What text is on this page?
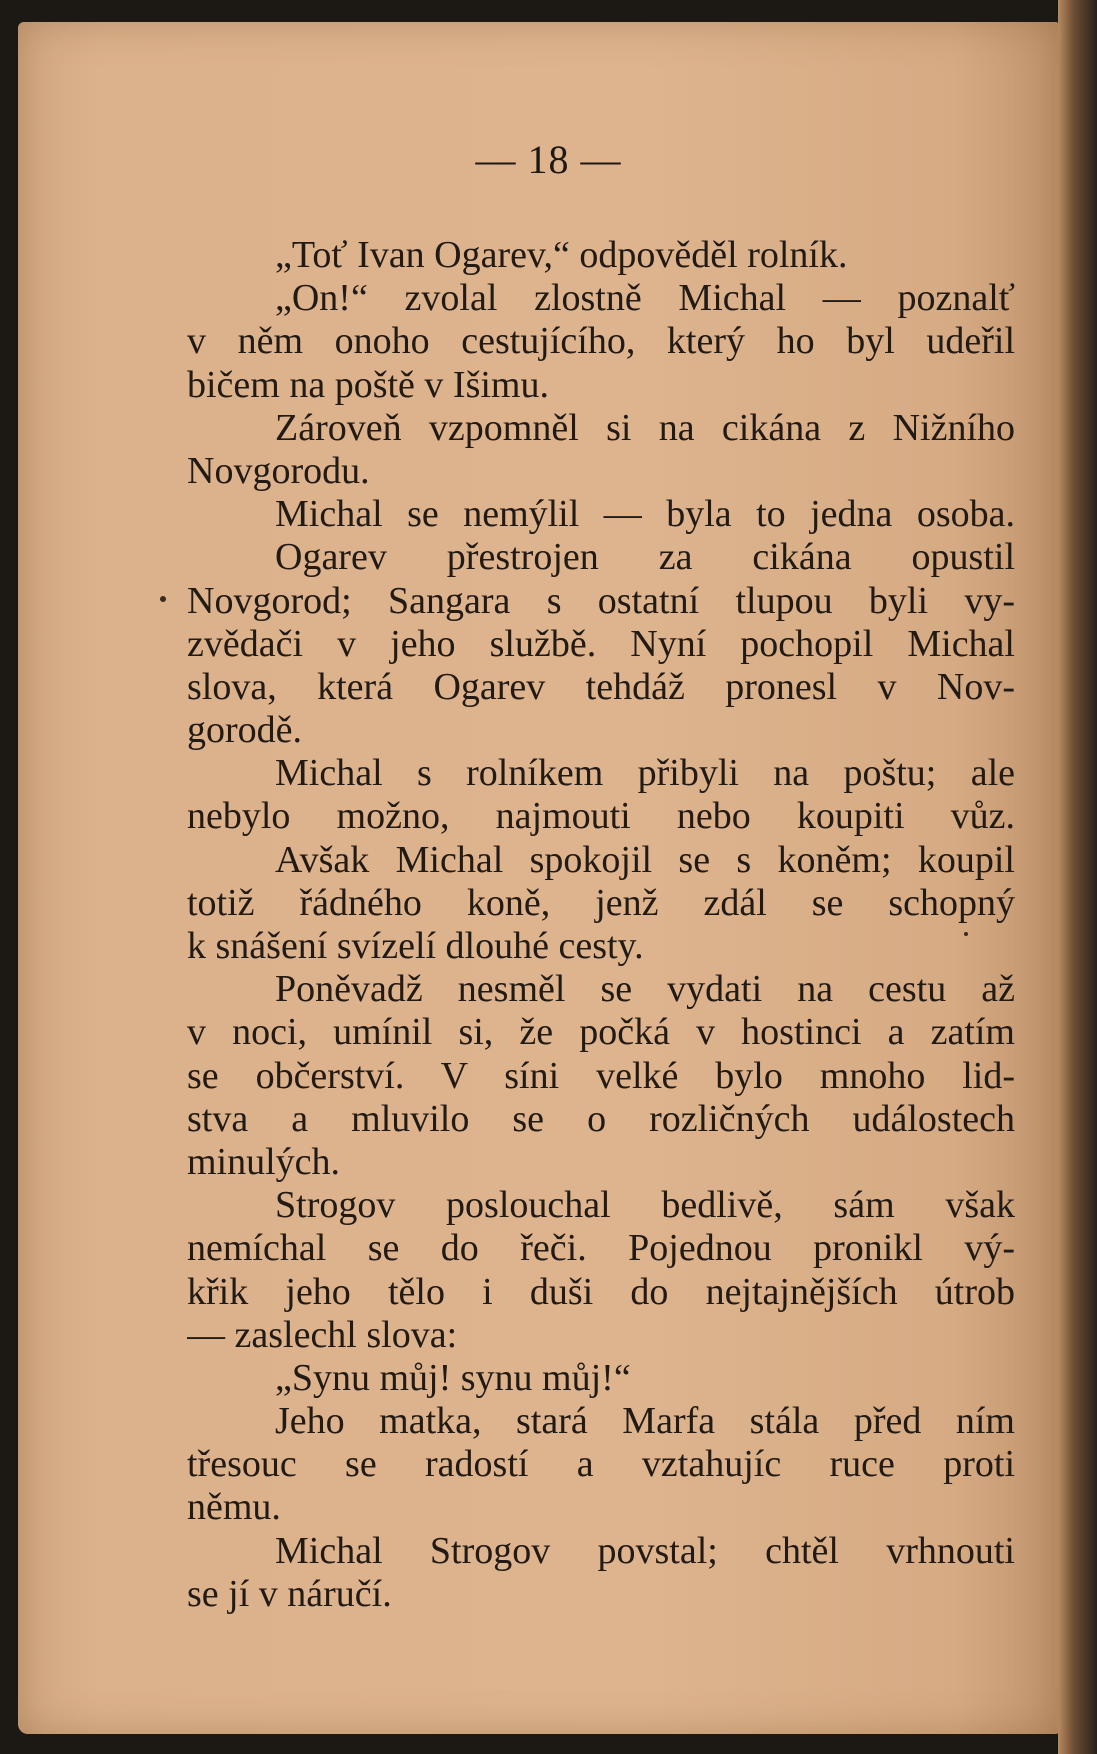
— 18 —
„Toť Ivan Ogarev,“ odpověděl rolník.
„On!“ zvolal zlostně Michal — poznalť
v něm onoho cestujícího, který ho byl udeřil
bičem na poště v Išimu.
Zároveň vzpomněl si na cikána z Nižního
Novgorodu.
Michal se nemýlil — byla to jedna osoba.
Ogarev přestrojen za cikána opustil
Novgorod; Sangara s ostatní tlupou byli vy-
zvědači v jeho službě. Nyní pochopil Michal
slova, která Ogarev tehdáž pronesl v Nov-
gorodě.
Michal s rolníkem přibyli na poštu; ale
nebylo možno, najmouti nebo koupiti vůz.
Avšak Michal spokojil se s koněm; koupil
totiž řádného koně, jenž zdál se schopný
k snášení svízelí dlouhé cesty.
Poněvadž nesměl se vydati na cestu až
v noci, umínil si, že počká v hostinci a zatím
se občerství. V síni velké bylo mnoho lid-
stva a mluvilo se o rozličných událostech
minulých.
Strogov poslouchal bedlivě, sám však
nemíchal se do řeči. Pojednou pronikl vý-
křik jeho tělo i duši do nejtajnějších útrob
— zaslechl slova:
„Synu můj! synu můj!“
Jeho matka, stará Marfa stála před ním
třesouc se radostí a vztahujíc ruce proti
němu.
Michal Strogov povstal; chtěl vrhnouti
se jí v náručí.
